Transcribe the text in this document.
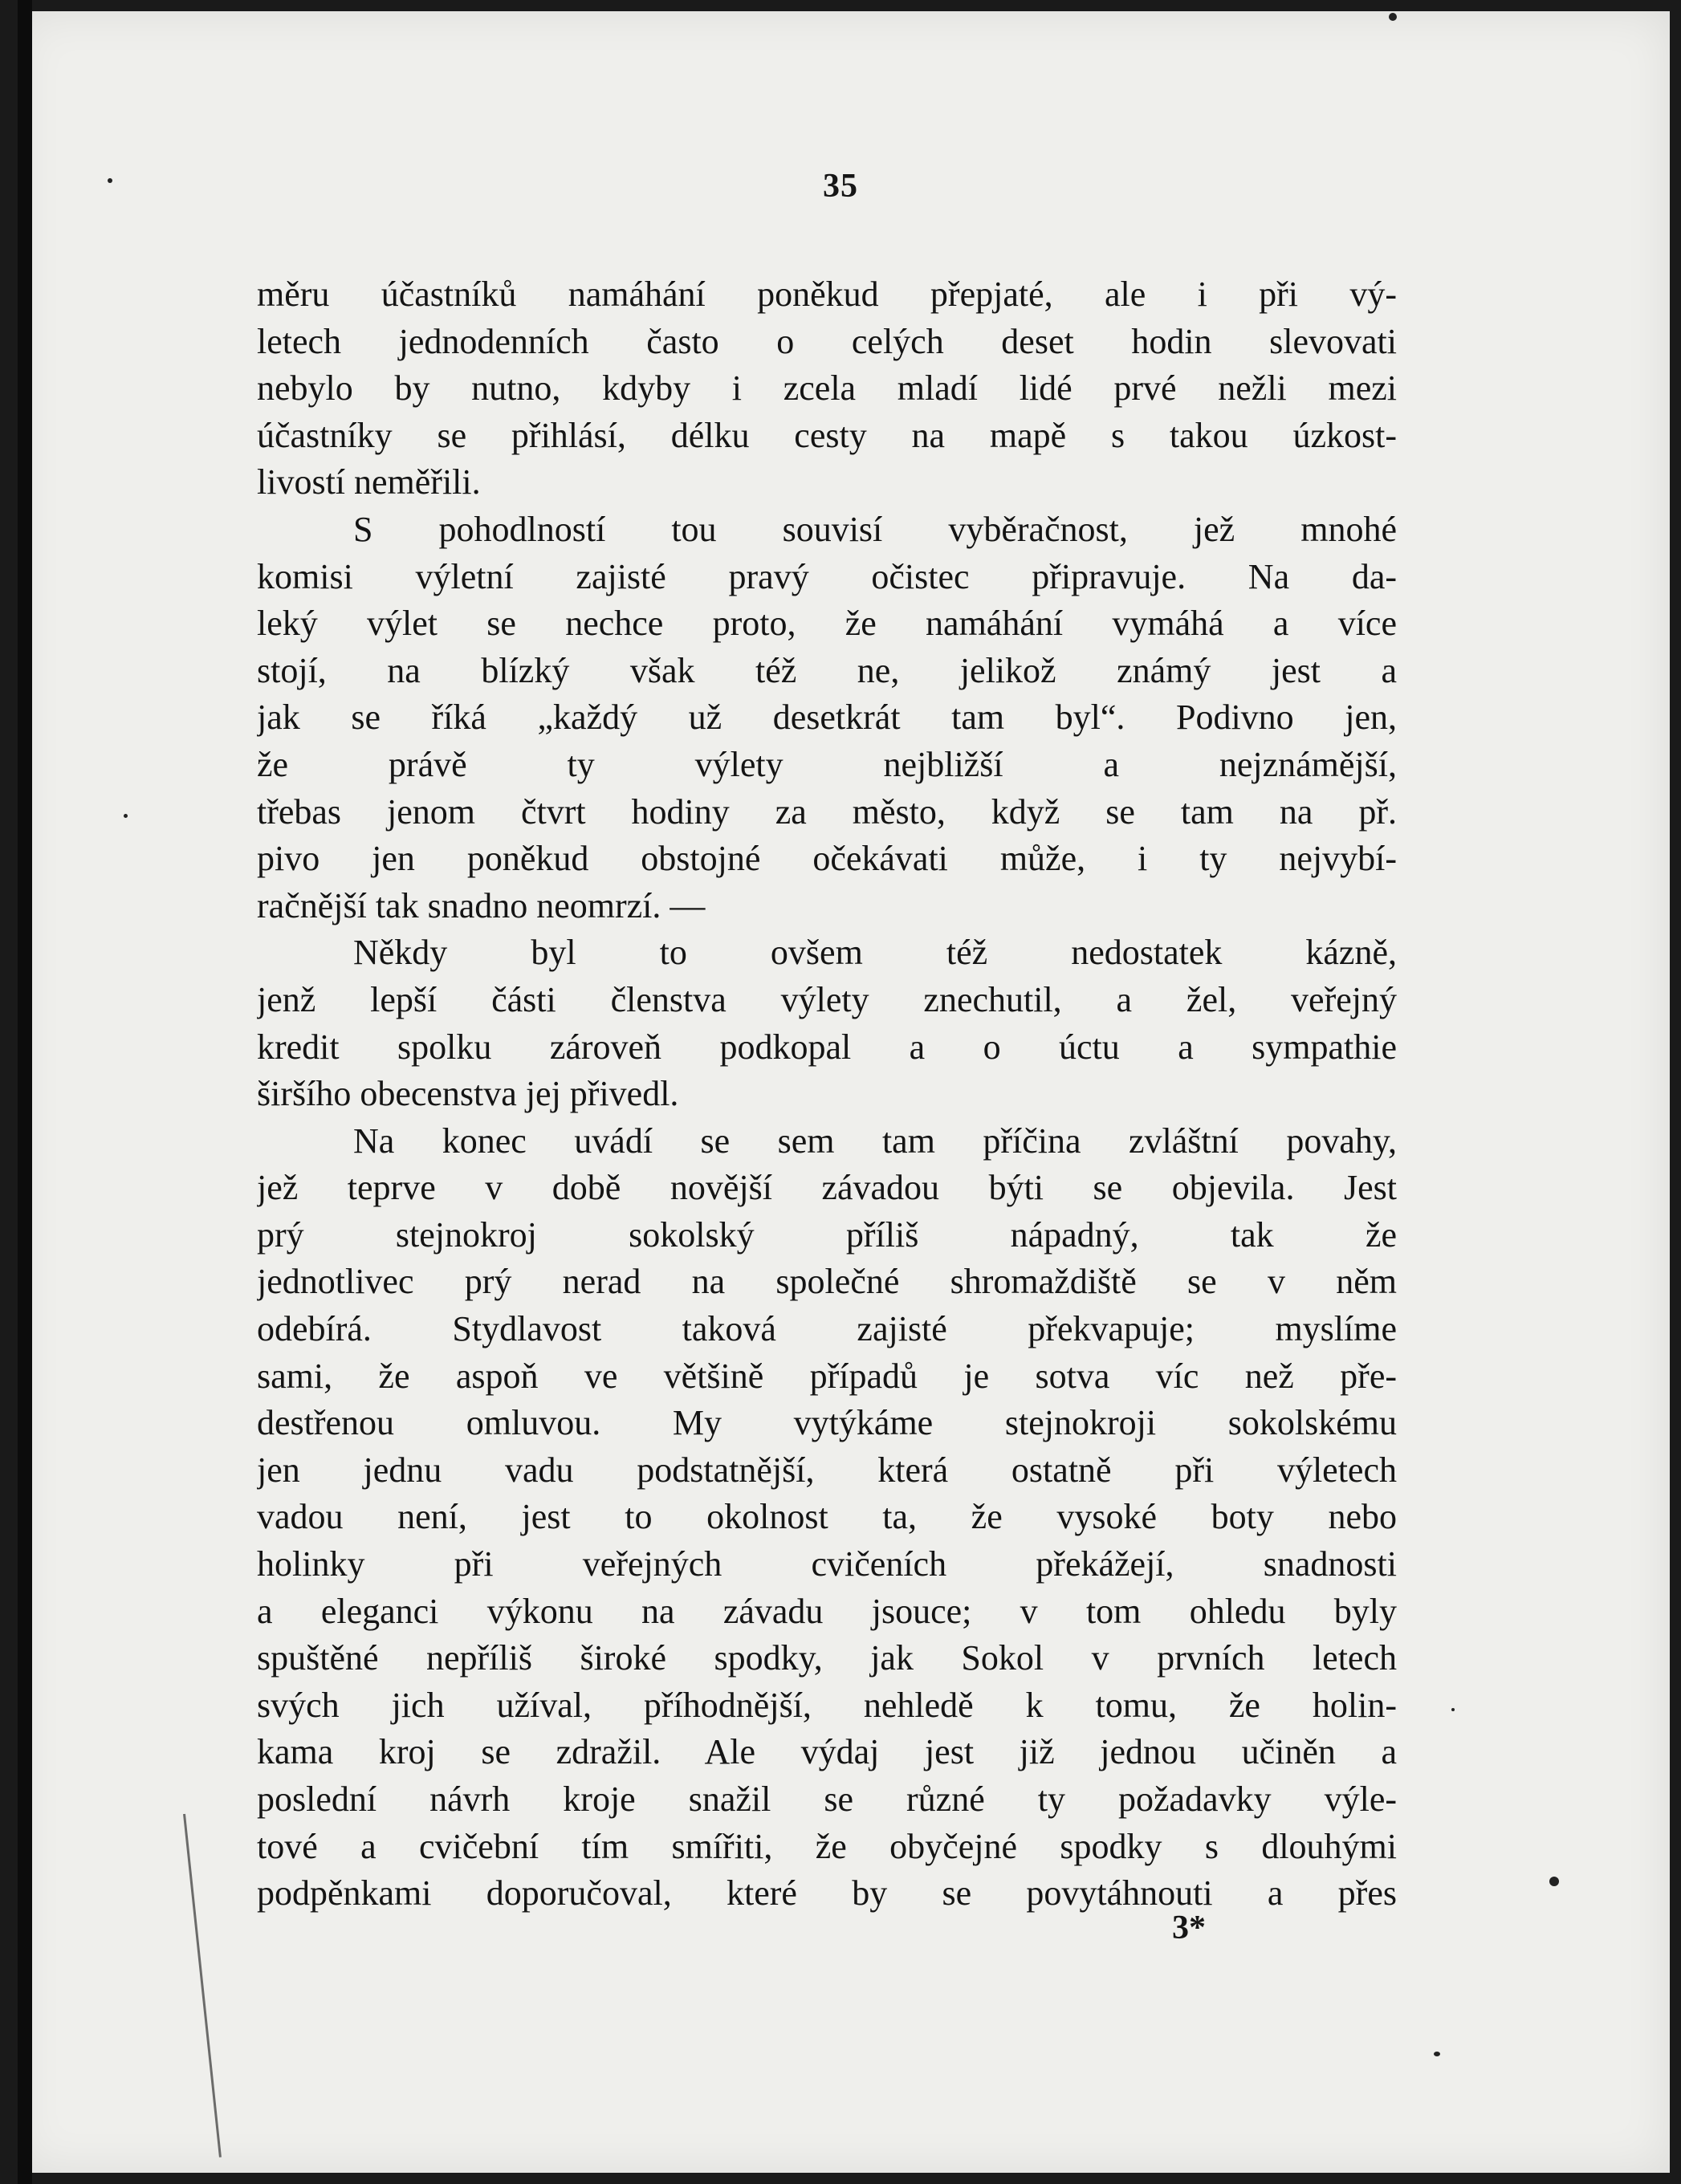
35
měru účastníků namáhání poněkud přepjaté, ale i při vý-
letech jednodenních často o celých deset hodin slevovati
nebylo by nutno, kdyby i zcela mladí lidé prvé nežli mezi
účastníky se přihlásí, délku cesty na mapě s takou úzkost-
livostí neměřili.
S pohodlností tou souvisí vyběračnost, jež mnohé
komisi výletní zajisté pravý očistec připravuje. Na da-
leký výlet se nechce proto, že namáhání vymáhá a více
stojí, na blízký však též ne, jelikož známý jest a
jak se říká „každý už desetkrát tam byl“. Podivno jen,
že právě ty výlety nejbližší a nejznámější,
třebas jenom čtvrt hodiny za město, když se tam na př.
pivo jen poněkud obstojné očekávati může, i ty nejvybí-
račnější tak snadno neomrzí. —
Někdy byl to ovšem též nedostatek kázně,
jenž lepší části členstva výlety znechutil, a žel, veřejný
kredit spolku zároveň podkopal a o úctu a sympathie
širšího obecenstva jej přivedl.
Na konec uvádí se sem tam příčina zvláštní povahy,
jež teprve v době novější závadou býti se objevila. Jest
prý stejnokroj sokolský příliš nápadný, tak že
jednotlivec prý nerad na společné shromaždiště se v něm
odebírá. Stydlavost taková zajisté překvapuje; myslíme
sami, že aspoň ve většině případů je sotva víc než pře-
destřenou omluvou. My vytýkáme stejnokroji sokolskému
jen jednu vadu podstatnější, která ostatně při výletech
vadou není, jest to okolnost ta, že vysoké boty nebo
holinky při veřejných cvičeních překážejí, snadnosti
a eleganci výkonu na závadu jsouce; v tom ohledu byly
spuštěné nepříliš široké spodky, jak Sokol v prvních letech
svých jich užíval, příhodnější, nehledě k tomu, že holin-
kama kroj se zdražil. Ale výdaj jest již jednou učiněn a
poslední návrh kroje snažil se různé ty požadavky výle-
tové a cvičební tím smířiti, že obyčejné spodky s dlouhými
podpěnkami doporučoval, které by se povytáhnouti a přes
3*
